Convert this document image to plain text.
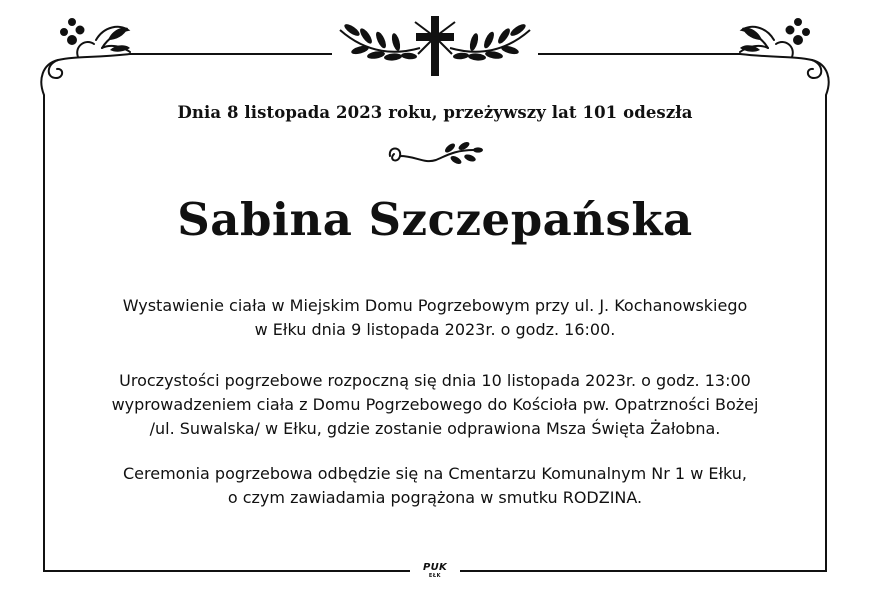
Dnia 8 listopada 2023 roku, przeżywszy lat 101 odeszła
Sabina Szczepańska
Wystawienie ciała w Miejskim Domu Pogrzebowym przy ul. J. Kochanowskiego
w Ełku dnia 9 listopada 2023r. o godz. 16:00.
Uroczystości pogrzebowe rozpoczną się dnia 10 listopada 2023r. o godz. 13:00
wyprowadzeniem ciała z Domu Pogrzebowego do Kościoła pw. Opatrzności Bożej
/ul. Suwalska/ w Ełku, gdzie zostanie odprawiona Msza Święta Żałobna.
Ceremonia pogrzebowa odbędzie się na Cmentarzu Komunalnym Nr 1 w Ełku,
o czym zawiadamia pogrążona w smutku RODZINA.
PUK
EŁK
